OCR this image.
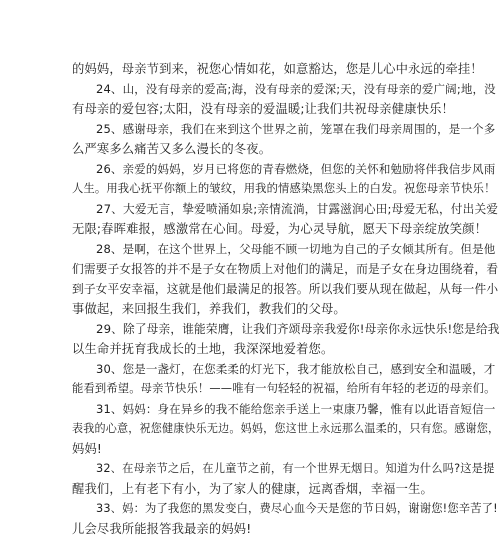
的妈妈，母亲节到来，祝您心情如花，如意豁达，您是儿心中永远的牵挂！
24、山，没有母亲的爱高;海，没有母亲的爱深;天，没有母亲的爱广阔;地，没
有母亲的爱包容;太阳，没有母亲的爱温暖;让我们共祝母亲健康快乐！
25、感谢母亲，我们在来到这个世界之前，笼罩在我们母亲周围的，是一个多
么严寒多么痛苦又多么漫长的冬夜。
26、亲爱的妈妈，岁月已将您的青春燃烧，但您的关怀和勉励将伴我信步风雨
人生。用我心抚平你额上的皱纹，用我的情感染黑您头上的白发。祝您母亲节快乐！
27、大爱无言，挚爱喷涌如泉;亲情流淌，甘露滋润心田;母爱无私，付出关爱
无限;春晖难报，感激常在心间。母爱，为心灵导航，愿天下母亲绽放笑颜！
28、是啊，在这个世界上，父母能不顾一切地为自己的子女倾其所有。但是他
们需要子女报答的并不是子女在物质上对他们的满足，而是子女在身边围绕着，看
到子女平安幸福，这就是他们最满足的报答。所以我们要从现在做起，从每一件小
事做起，来回报生我们，养我们，教我们的父母。
29、除了母亲，谁能荣膺，让我们齐颂母亲我爱你!母亲你永远快乐!您是给我
以生命并抚育我成长的土地，我深深地爱着您。
30、您是一盏灯，在您柔柔的灯光下，我才能放松自己，感到安全和温暖，才
能看到希望。母亲节快乐！——唯有一句轻轻的祝福，给所有年轻的老迈的母亲们。
31、妈妈：身在异乡的我不能给您亲手送上一束康乃馨，惟有以此语音短信一
表我的心意，祝您健康快乐无边。妈妈，您这世上永远那么温柔的，只有您。感谢您，
妈妈!
32、在母亲节之后，在儿童节之前，有一个世界无烟日。知道为什么吗?这是提
醒我们，上有老下有小，为了家人的健康，远离香烟，幸福一生。
33、妈：为了我您的黑发变白，费尽心血今天是您的节日妈，谢谢您!您辛苦了!
儿会尽我所能报答我最亲的妈妈!
